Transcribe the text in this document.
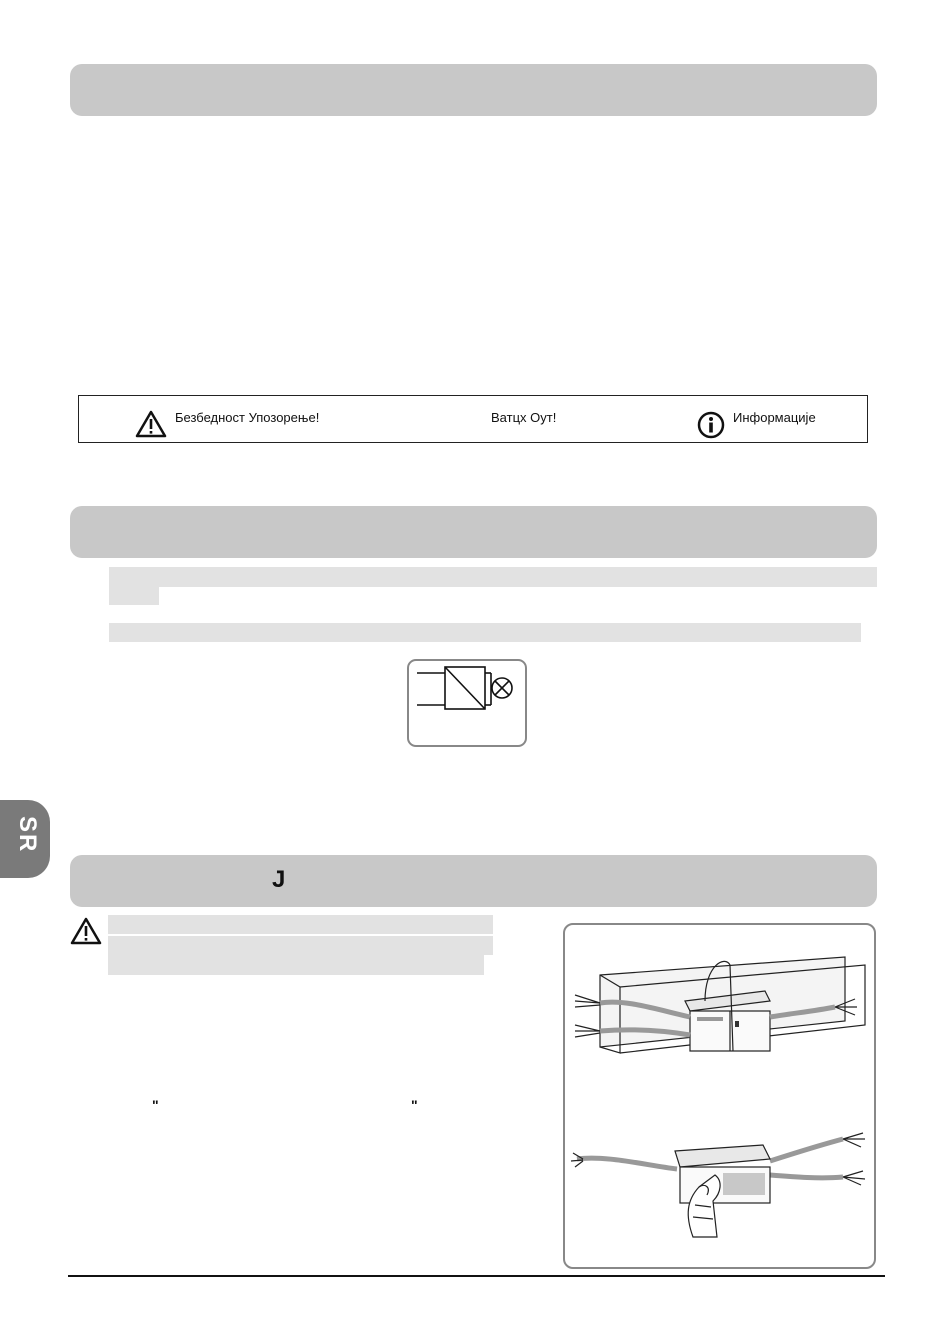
Безбедност Упозорење!	Ватцх Оут!	Информације
SR
J
"	"
